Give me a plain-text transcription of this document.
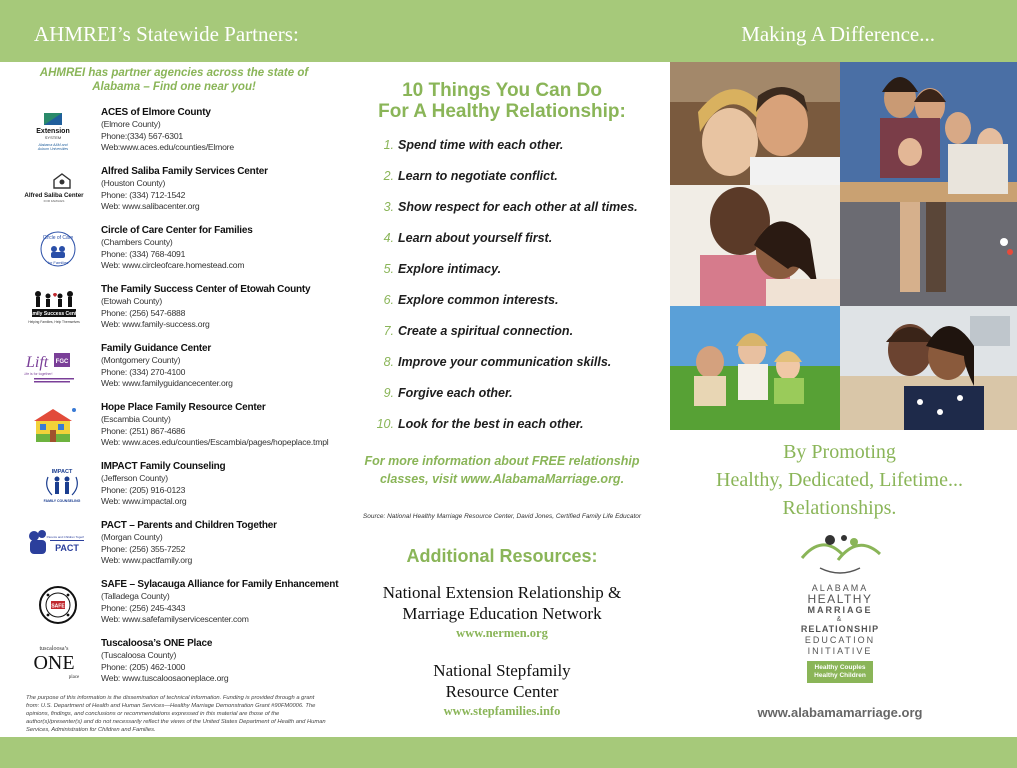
AHMREI’s Statewide Partners:	Making A Difference...
AHMREI has partner agencies across the state of Alabama – Find one near you!
Extension
SYSTEM
Alabama A&M and
Auburn Universities
ACES of Elmore County
(Elmore County)
Phone:(334) 567-6301
Web:www.aces.edu/counties/Elmore
Alfred Saliba Center
FOR FAMILIES
Alfred Saliba Family Services Center
(Houston County)
Phone: (334) 712-1542
Web: www.salibacenter.org
Circle of Care
for Families
Circle of Care Center for Families
(Chambers County)
Phone: (334) 768-4091
Web: www.circleofcare.homestead.com
Family Success Center
Helping Families, Help Themselves
The Family Success Center of Etowah County
(Etowah County)
Phone: (256) 547-6888
Web: www.family-success.org
Lift FGC
Life is for together!
Family Guidance Center
(Montgomery County)
Phone: (334) 270-4100
Web: www.familyguidancecenter.org
Hope Place Family Resource Center
(Escambia County)
Phone: (251) 867-4686
Web: www.aces.edu/counties/Escambia/pages/hopeplace.tmpl
IMPACT
FAMILY COUNSELING
IMPACT Family Counseling
(Jefferson County)
Phone: (205) 916-0123
Web: www.impactal.org
PACT
Parents and Children Together
PACT – Parents and Children Together
(Morgan County)
Phone: (256) 355-7252
Web: www.pactfamily.org
SAFE
SAFE – Sylacauga Alliance for Family Enhancement
(Talladega County)
Phone: (256) 245-4343
Web: www.safefamilyservicescenter.com
tuscaloosa’s
ONE
place
Tuscaloosa’s ONE Place
(Tuscaloosa County)
Phone: (205) 462-1000
Web: www.tuscaloosaoneplace.org
The purpose of this information is the dissemination of technical information. Funding is provided through a grant from: U.S. Department of Health and Human Services—Healthy Marriage Demonstration Grant #90FM0006. The opinions, findings, and conclusions or recommendations expressed in this material are those of the author(s)/presenter(s) and do not necessarily reflect the views of the United States Department of Health and Human Services, Administration for Children and Families.
10 Things You Can Do
For A Healthy Relationship:
1. Spend time with each other.
2. Learn to negotiate conflict.
3. Show respect for each other at all times.
4. Learn about yourself first.
5. Explore intimacy.
6. Explore common interests.
7. Create a spiritual connection.
8. Improve your communication skills.
9. Forgive each other.
10. Look for the best in each other.
For more information about FREE relationship
classes, visit www.AlabamaMarriage.org.
Source: National Healthy Marriage Resource Center, David Jones, Certified Family Life Educator
Additional Resources:
National Extension Relationship &
Marriage Education Network
www.nermen.org
National Stepfamily
Resource Center
www.stepfamilies.info
By Promoting
Healthy, Dedicated, Lifetime...
Relationships.
ALABAMA
HEALTHY
MARRIAGE
&
RELATIONSHIP
EDUCATION
INITIATIVE
Healthy Couples
Healthy Children
www.alabamamarriage.org
